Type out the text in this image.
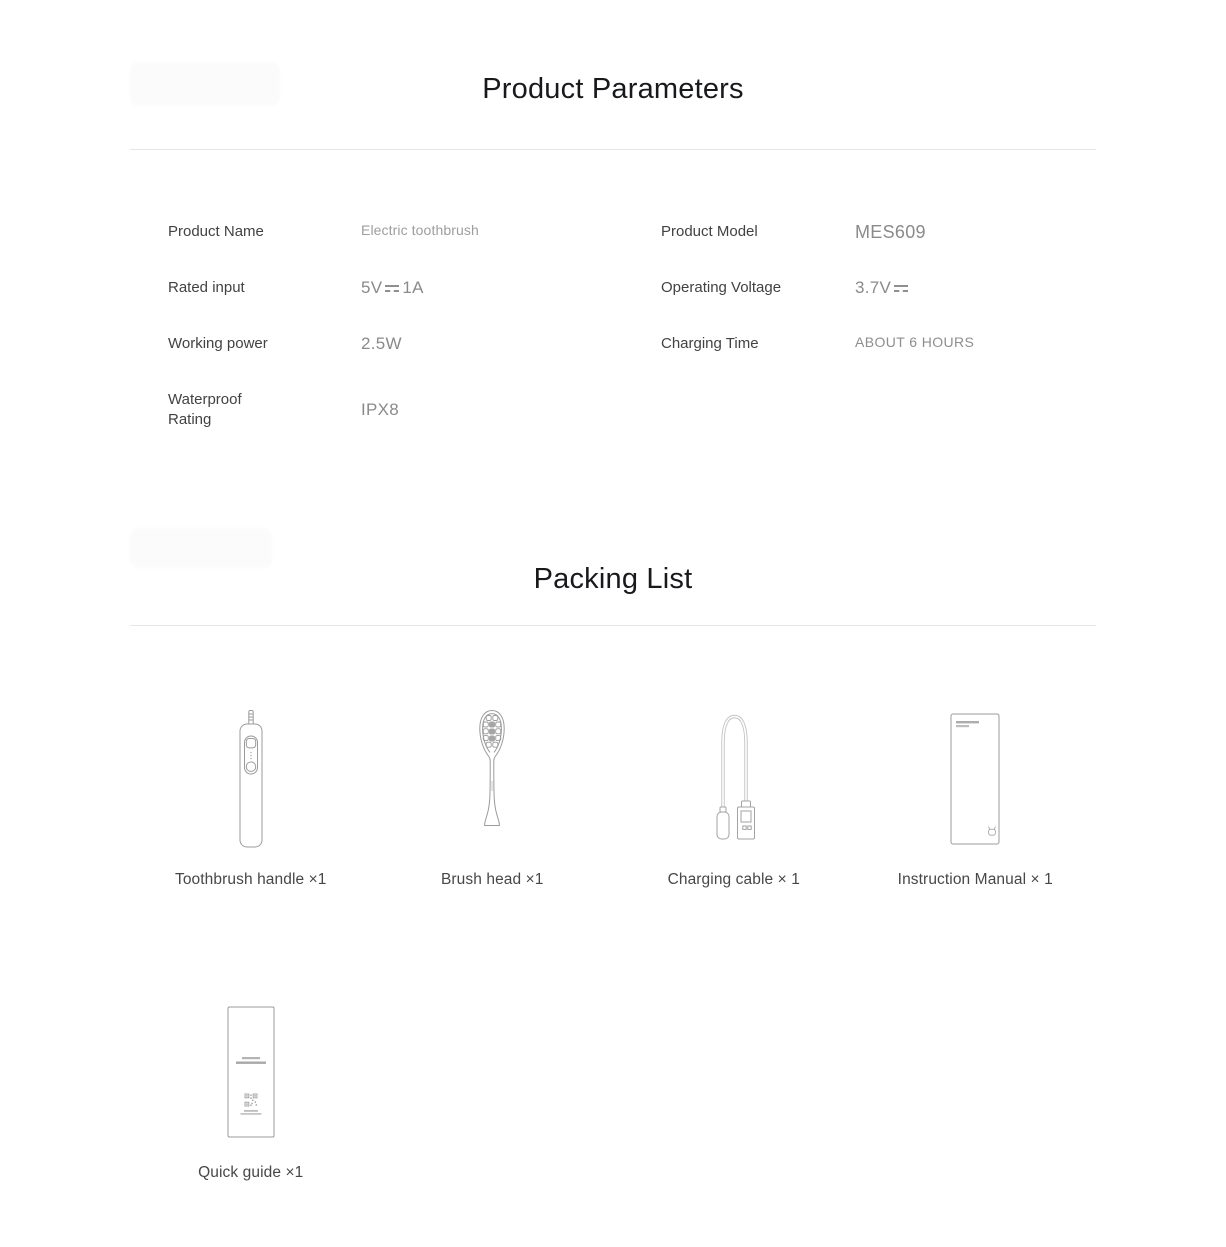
Product Parameters
Product Name	Electric toothbrush
Rated input	5V 1A
Working power	2.5W
Waterproof Rating	IPX8
Product Model	MES609
Operating Voltage	3.7V
Charging Time	ABOUT 6 HOURS
Packing List
Toothbrush handle ×1	Brush head ×1	Charging cable × 1	Instruction Manual × 1
Quick guide ×1
